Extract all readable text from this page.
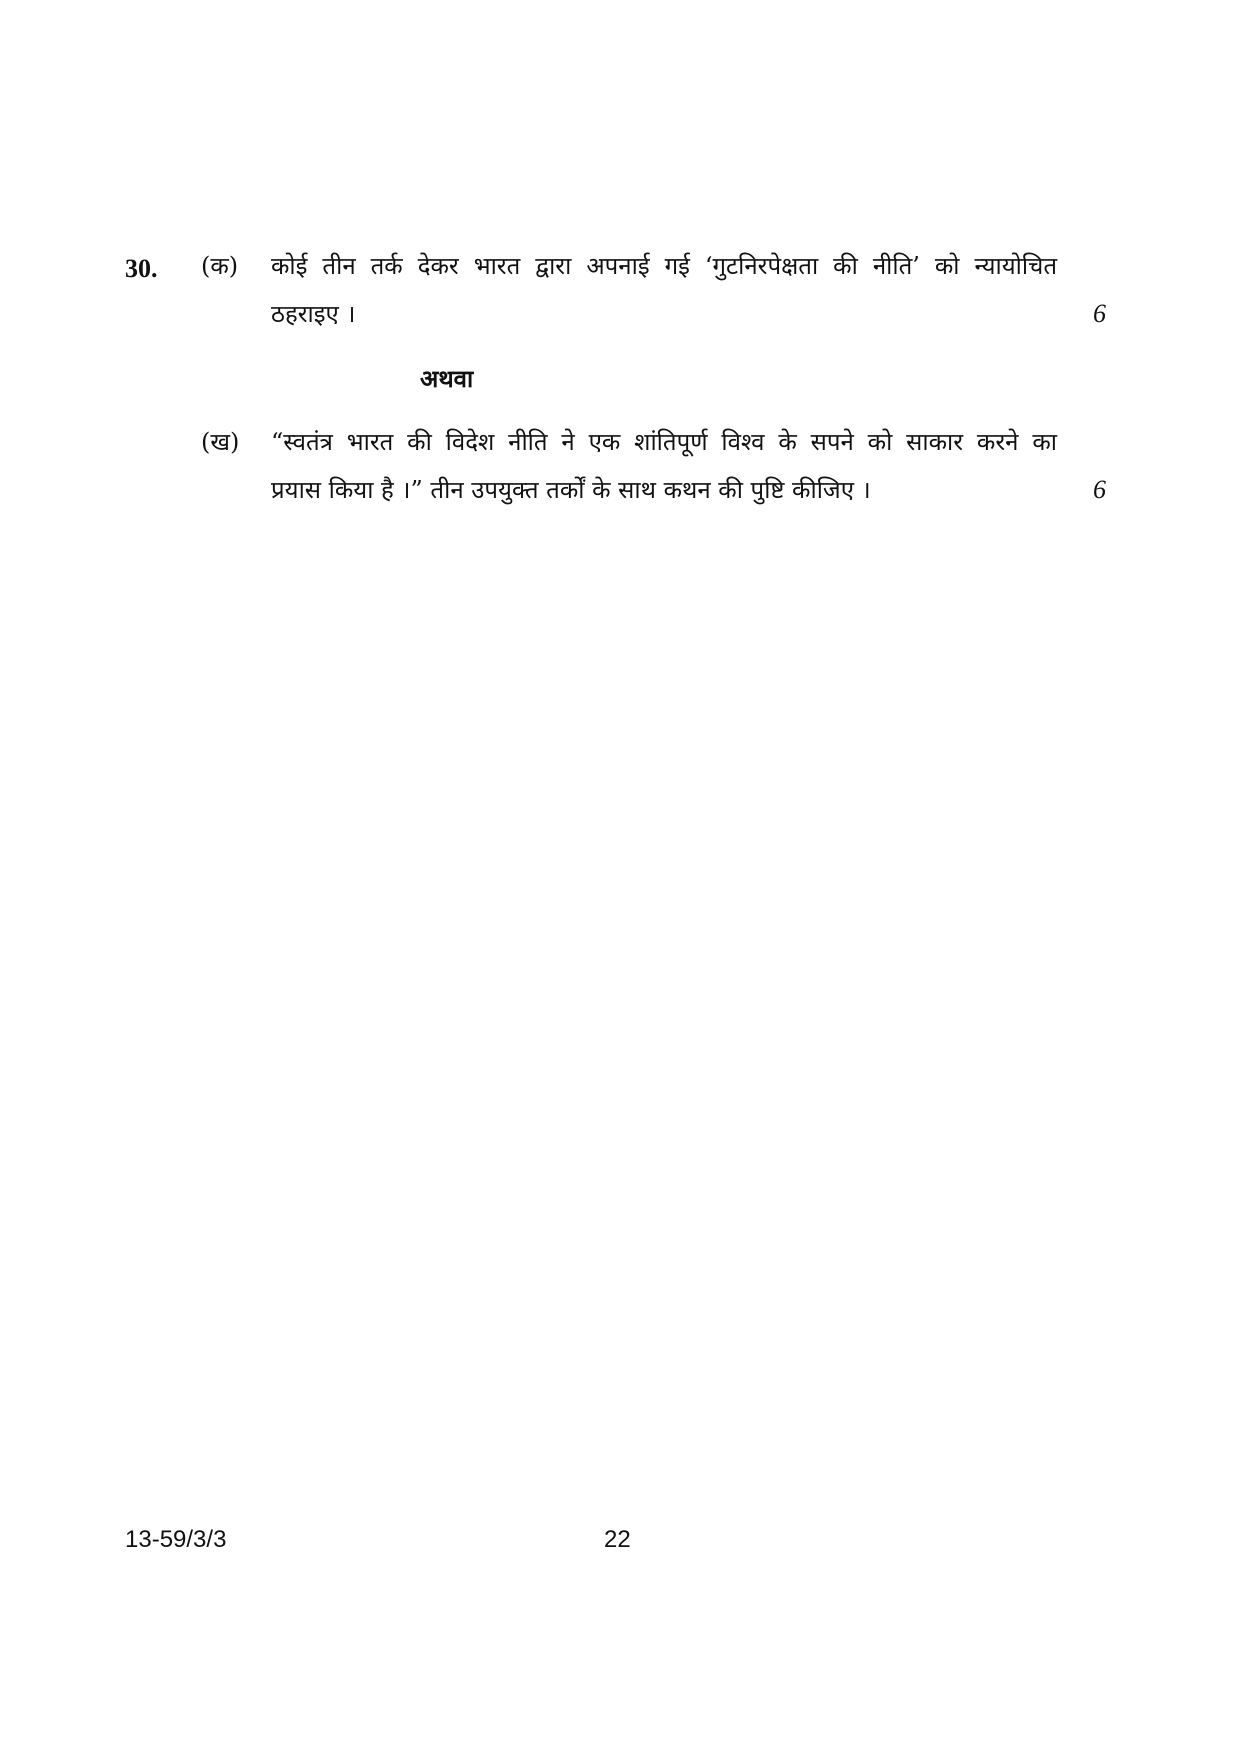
30. (क) कोई तीन तर्क देकर भारत द्वारा अपनाई गई ‘गुटनिरपेक्षता की नीति’ को न्यायोचित
ठहराइए ।	6
अथवा
(ख) “स्वतंत्र भारत की विदेश नीति ने एक शांतिपूर्ण विश्व के सपने को साकार करने का
प्रयास किया है ।” तीन उपयुक्त तर्कों के साथ कथन की पुष्टि कीजिए ।	6
13-59/3/3	22
